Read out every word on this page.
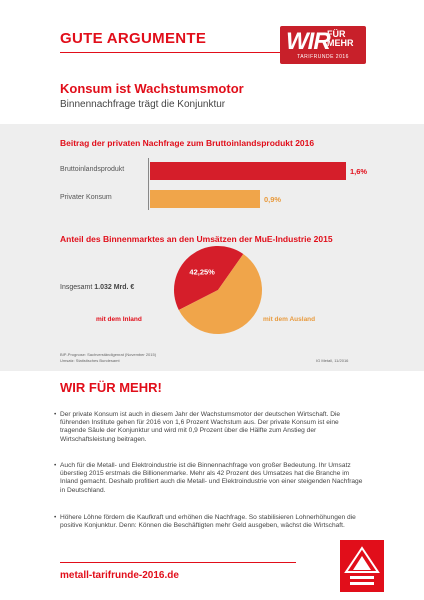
GUTE ARGUMENTE	WIR
FÜR
MEHR
TARIFRUNDE 2016
Konsum ist Wachstumsmotor
Binnennachfrage trägt die Konjunktur
Beitrag der privaten Nachfrage zum Bruttoinlandsprodukt 2016
Bruttoinlandsprodukt
Privater Konsum
1,6%
0,9%
Anteil des Binnenmarktes an den Umsätzen der MuE-Industrie 2015
Insgesamt 1.032 Mrd. €
42,25%
mit dem Inland	mit dem Ausland
BIP-Prognose: Sachverständigenrat (November 2015)
Umsatz: Statistisches Bundesamt	IG Metall, 11/2016
WIR FÜR MEHR!
• Der private Konsum ist auch in diesem Jahr der Wachstumsmotor der deutschen Wirtschaft. Die führenden Institute gehen für 2016 von 1,6 Prozent Wachstum aus. Der private Konsum ist eine tragende Säule der Konjunktur und wird mit 0,9 Prozent über die Hälfte zum Anstieg der Wirtschaftsleistung beitragen.
• Auch für die Metall- und Elektroindustrie ist die Binnennachfrage von großer Bedeutung. Ihr Umsatz überstieg 2015 erstmals die Billionenmarke. Mehr als 42 Prozent des Umsatzes hat die Branche im Inland gemacht. Deshalb profitiert auch die Metall- und Elektroindustrie von einer steigenden Nachfrage in Deutschland.
• Höhere Löhne fördern die Kaufkraft und erhöhen die Nachfrage. So stabilisieren Lohnerhöhungen die positive Konjunktur. Denn: Können die Beschäftigten mehr Geld ausgeben, wächst die Wirtschaft.
metall-tarifrunde-2016.de
